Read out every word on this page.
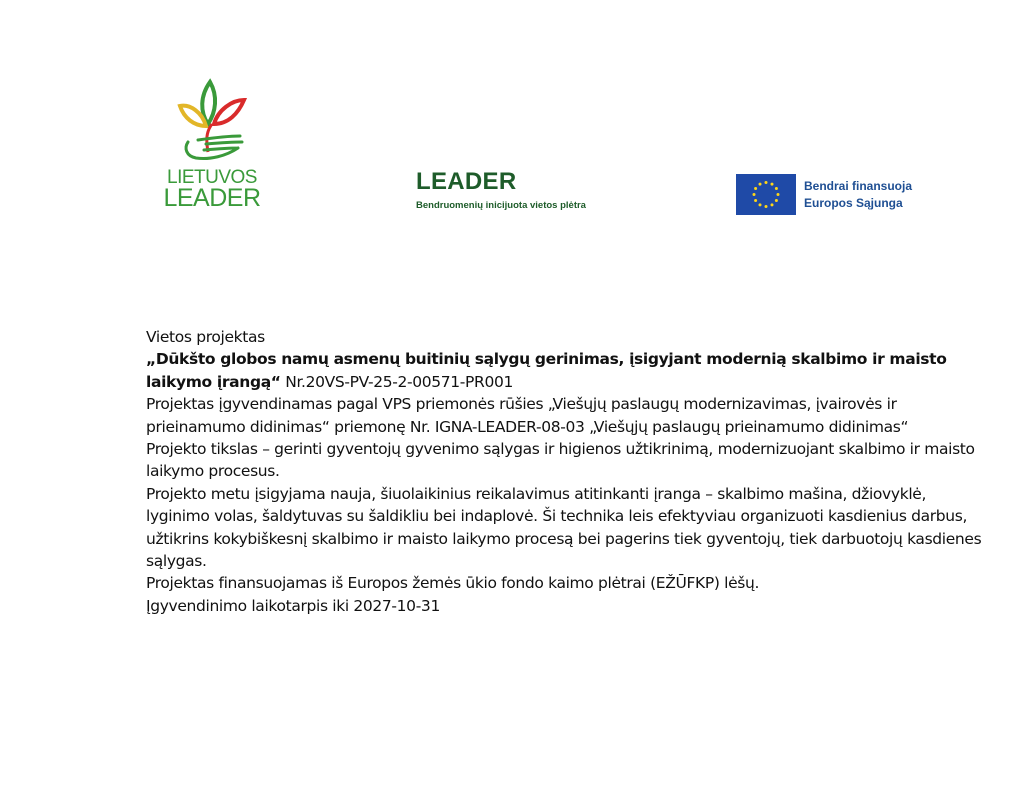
LIETUVOS
LEADER
LEADER
Bendruomenių inicijuota vietos plėtra
Bendrai finansuoja
Europos Sąjunga

Vietos projektas

„Dūkšto globos namų asmenų buitinių sąlygų gerinimas, įsigyjant modernią skalbimo ir maisto laikymo įrangą“ Nr.20VS-PV-25-2-00571-PR001

Projektas įgyvendinamas pagal VPS priemonės rūšies „Viešųjų paslaugų modernizavimas, įvairovės ir prieinamumo didinimas“ priemonę Nr. IGNA-LEADER-08-03 „Viešųjų paslaugų prieinamumo didinimas“

Projekto tikslas – gerinti gyventojų gyvenimo sąlygas ir higienos užtikrinimą, modernizuojant skalbimo ir maisto laikymo procesus.

Projekto metu įsigyjama nauja, šiuolaikinius reikalavimus atitinkanti įranga – skalbimo mašina, džiovyklė, lyginimo volas, šaldytuvas su šaldikliu bei indaplovė. Ši technika leis efektyviau organizuoti kasdienius darbus, užtikrins kokybiškesnį skalbimo ir maisto laikymo procesą bei pagerins tiek gyventojų, tiek darbuotojų kasdienes sąlygas.

Projektas finansuojamas iš Europos žemės ūkio fondo kaimo plėtrai (EŽŪFKP) lėšų.

Įgyvendinimo laikotarpis iki 2027-10-31
